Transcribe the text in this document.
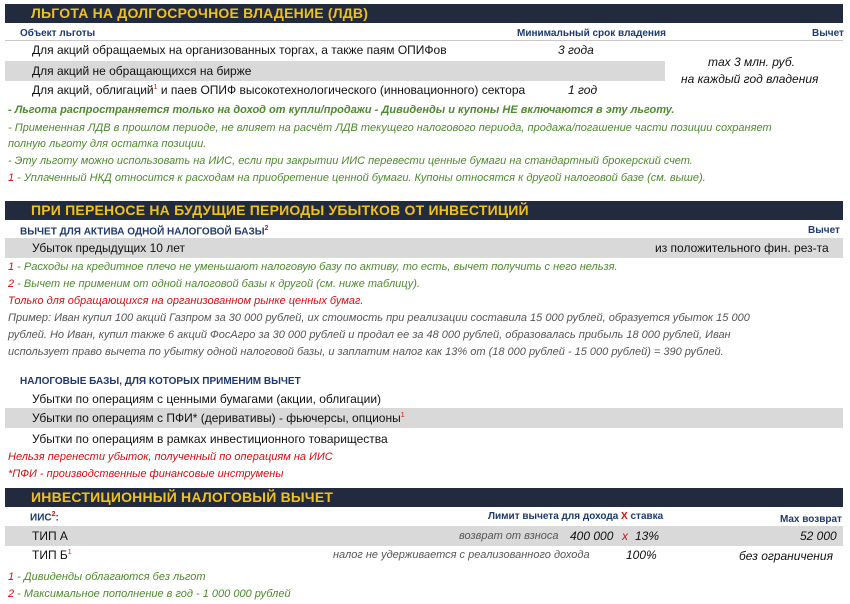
ЛЬГОТА НА ДОЛГОСРОЧНОЕ ВЛАДЕНИЕ (ЛДВ)
Объект льготы	Минимальный срок владения	Вычет
Для акций обращаемых на организованных торгах, а также паям ОПИФов	3 года
Для акций не обращающихся на бирже
Для акций, облигаций$^1$ и паев ОПИФ высокотехнологического (инновационного) сектора	1 год
max 3 млн. руб.
на каждый год владения
- Льгота распространяется только на доход от купли/продажи - Дивиденды и купоны НЕ включаются в эту льготу.
- Примененная ЛДВ в прошлом периоде, не влияет на расчёт ЛДВ текущего налогового периода, продажа/погашение части позиции сохраняет
полную льготу для остатка позиции.
- Эту льготу можно использовать на ИИС, если при закрытии ИИС перевести ценные бумаги на стандартный брокерский счет.
1 - Уплаченный НКД относится к расходам на приобретение ценной бумаги. Купоны относятся к другой налоговой базе (см. выше).
ПРИ ПЕРЕНОСЕ НА БУДУЩИЕ ПЕРИОДЫ УБЫТКОВ ОТ ИНВЕСТИЦИЙ
ВЫЧЕТ ДЛЯ АКТИВА ОДНОЙ НАЛОГОВОЙ БАЗЫ$^2$	Вычет
Убыток предыдущих 10 лет	из положительного фин. рез-та
1 - Расходы на кредитное плечо не уменьшают налоговую базу по активу, то есть, вычет получить с него нельзя.
2 - Вычет не применим от одной налоговой базы к другой (см. ниже таблицу).
Только для обращающихся на организованном рынке ценных бумаг.
Пример: Иван купил 100 акций Газпром за 30 000 рублей, их стоимость при реализации составила 15 000 рублей, образуется убыток 15 000
рублей. Но Иван, купил также 6 акций ФосАгро за 30 000 рублей и продал ее за 48 000 рублей, образовалась прибыль 18 000 рублей, Иван
использует право вычета по убытку одной налоговой базы, и заплатим налог как 13% от (18 000 рублей - 15 000 рублей) = 390 рублей.
НАЛОГОВЫЕ БАЗЫ, ДЛЯ КОТОРЫХ ПРИМЕНИМ ВЫЧЕТ
Убытки по операциям с ценными бумагами (акции, облигации)
Убытки по операциям с ПФИ* (деривативы) - фьючерсы, опционы$^1$
Убытки по операциям в рамках инвестиционного товарищества
Нельзя перенести убыток, полученный по операциям на ИИС
*ПФИ - производственные финансовые инструмены
ИНВЕСТИЦИОННЫЙ НАЛОГОВЫЙ ВЫЧЕТ
ИИС$^2$:	Лимит вычета для дохода Х ставка	Max возврат
ТИП А	возврат от взноса 400 000 х 13%	52 000
ТИП $Б^1$	налог не удерживается с реализованного дохода	100%	без ограничения
1 - Дивиденды облагаются без льгот
2 - Максимальное пополнение в год - 1 000 000 рублей
